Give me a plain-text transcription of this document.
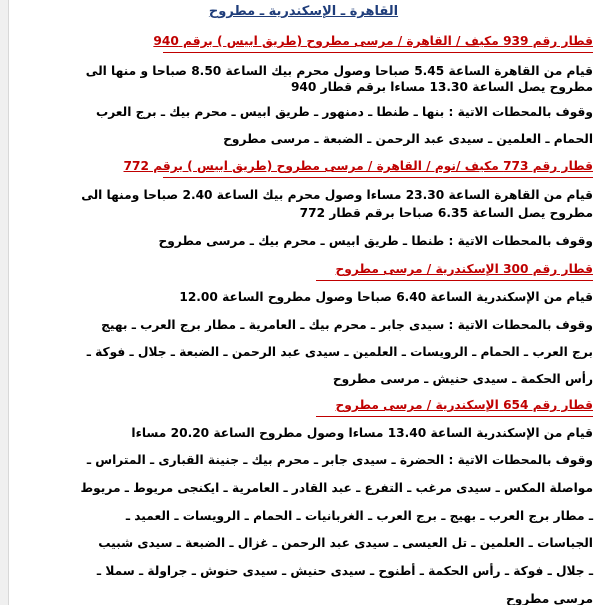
القاهرة ـ الإسكندرية ـ مطروح
قطار رقم 939 مكيف / القاهرة / مرسى مطروح (طريق ابيس ) برقم 940
قيام من القاهرة الساعة 5.45 صباحا وصول محرم بيك الساعة 8.50 صباحا و منها الى
مطروح يصل الساعة 13.30 مساءا برقم قطار 940
وقوف بالمحطات الاتية : بنها ـ طنطا ـ دمنهور ـ طريق ابيس ـ محرم بيك ـ برج العرب
الحمام ـ العلمين ـ سيدى عبد الرحمن ـ الضبعة ـ مرسى مطروح
قطار رقم 773 مكيف /نوم / القاهرة / مرسى مطروح (طريق ابيس ) برقم 772
قيام من القاهرة الساعة 23.30 مساءا وصول محرم بيك الساعة 2.40 صباحا ومنها الى
مطروح يصل الساعة 6.35 صباحا برقم قطار 772
وقوف بالمحطات الاتية : طنطا ـ طريق ابيس ـ محرم بيك ـ مرسى مطروح
قطار رقم 300 الإسكندرية / مرسى مطروح
قيام من الإسكندرية الساعة 6.40 صباحا وصول مطروح الساعة 12.00
وقوف بالمحطات الاتية : سيدى جابر ـ محرم بيك ـ العامرية ـ مطار برج العرب ـ بهيج
برج العرب ـ الحمام ـ الرويسات ـ العلمين ـ سيدى عبد الرحمن ـ الضبعة ـ جلال ـ فوكة ـ
رأس الحكمة ـ سيدى حنيش ـ مرسى مطروح
قطار رقم 654 الإسكندرية / مرسى مطروح
قيام من الإسكندرية الساعة 13.40 مساءا وصول مطروح الساعة 20.20 مساءا
وقوف بالمحطات الاتية : الحضرة ـ سيدى جابر ـ محرم بيك ـ جنينة القبارى ـ المتراس ـ
مواصلة المكس ـ سيدى مرغب ـ التفرع ـ عبد القادر ـ العامرية ـ ايكنجى مريوط ـ مريوط
ـ مطار برج العرب ـ بهيج ـ برج العرب ـ الغربانيات ـ الحمام ـ الرويسات ـ العميد ـ
الجباسات ـ العلمين ـ تل العيسى ـ سيدى عبد الرحمن ـ غزال ـ الضبعة ـ سيدى شبيب
ـ جلال ـ فوكة ـ رأس الحكمة ـ أطنوح ـ سيدى حنيش ـ سيدى حنوش ـ جراولة ـ سملا ـ
مرسى مطروح
